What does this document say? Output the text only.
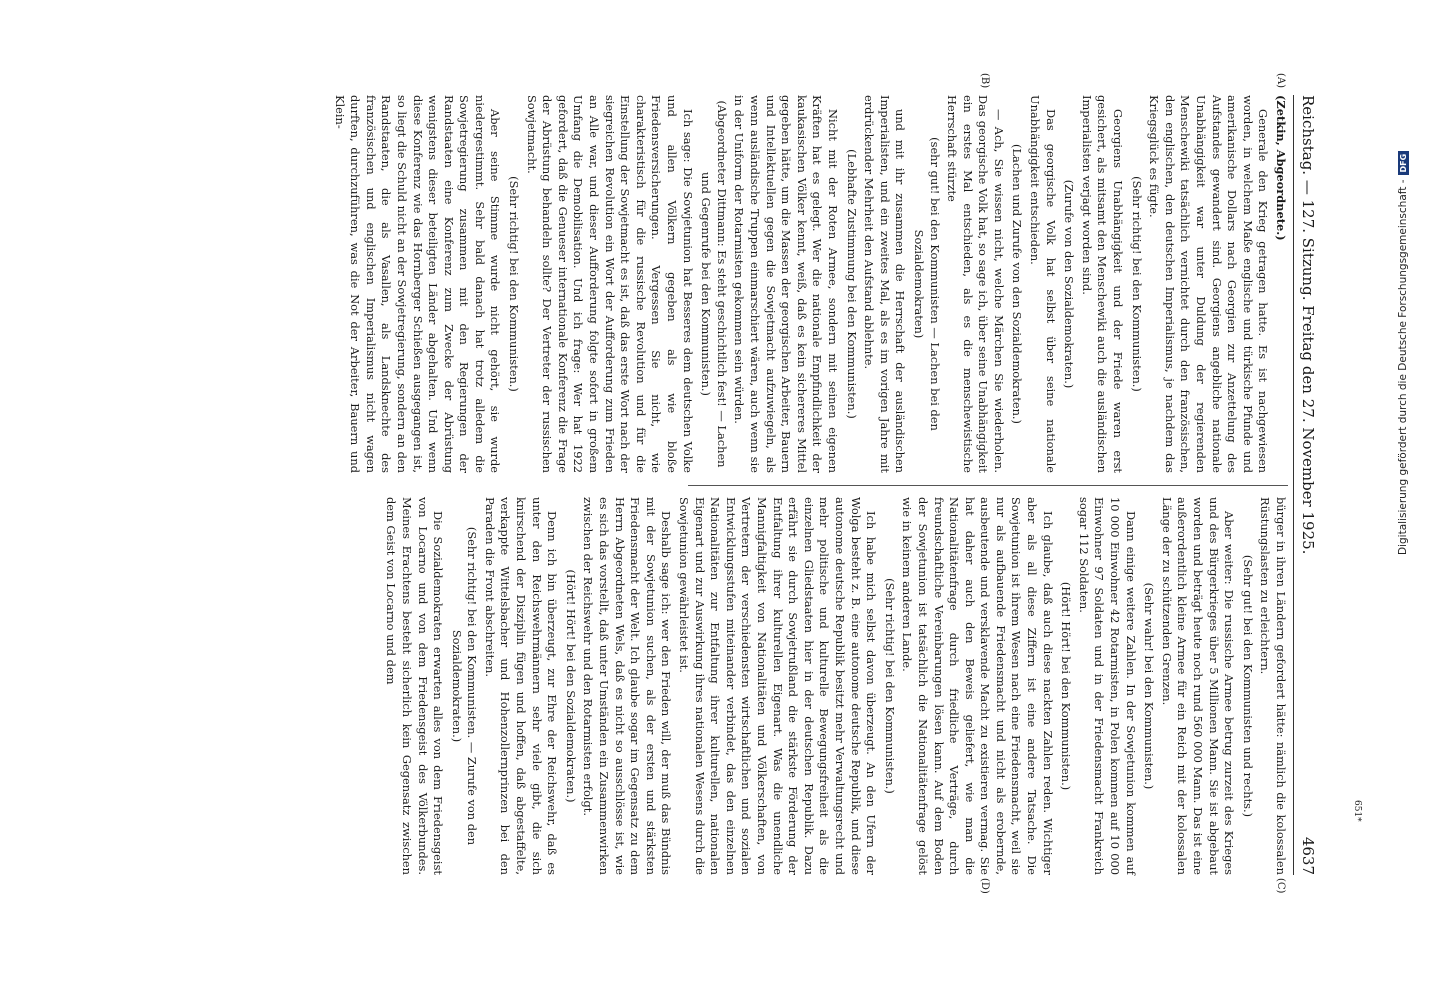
Reichstag. — 127. Sitzung. Freitag den 27. November 1925.
4637

(Zetkin, Abgeordnete.)

Generale den Krieg getragen hatte. Es ist nachgewiesen worden, in welchem Maße englische und türkische Pfunde und amerikanische Dollars nach Georgien zur Anzettelung des Aufstandes gewandert sind. Georgiens angebliche nationale Unabhängigkeit war unter Duldung der regierenden Menschewiki tatsächlich vernichtet durch den französischen, den englischen, den deutschen Imperialismus, je nachdem das Kriegsglück es fügte.

(Sehr richtig! bei den Kommunisten.)

Georgiens Unabhängigkeit und der Friede waren erst gesichert, als mitsamt den Menschewiki auch die ausländischen Imperialisten verjagt worden sind.

(Zurufe von den Sozialdemokraten.)

Das georgische Volk hat selbst über seine nationale Unabhängigkeit entschieden.

(Lachen und Zurufe von den Sozialdemokraten.)

— Ach, Sie wissen nicht, welche Märchen Sie wiederholen. Das georgische Volk hat, so sage ich, über seine Unabhängigkeit ein erstes Mal entschieden, als es die menschewistische Herrschaft stürzte

(sehr gut! bei den Kommunisten — Lachen bei den Sozialdemokraten)

und mit ihr zusammen die Herrschaft der ausländischen Imperialisten, und ein zweites Mal, als es im vorigen Jahre mit erdrückender Mehrheit den Aufstand ablehnte.

(Lebhafte Zustimmung bei den Kommunisten.)

Nicht mit der Roten Armee, sondern mit seinen eigenen Kräften hat es gelegt. Wer die nationale Empfindlichkeit der kaukasischen Völker kennt, weiß, daß es kein sichereres Mittel gegeben hätte, um die Massen der georgischen Arbeiter, Bauern und Intellektuellen gegen die Sowjetmacht aufzuwiegeln, als wenn ausländische Truppen einmarschiert wären, auch wenn sie in der Uniform der Rotarmisten gekommen sein würden.

(Abgeordneter Dittmann: Es steht geschichtlich fest! — Lachen und Gegenrufe bei den Kommunisten.)

Ich sage: Die Sowjetunion hat Besseres dem deutschen Volke und allen Völkern gegeben als wie bloße Friedensversicherungen. Vergessen Sie nicht, wie charakteristisch für die russische Revolution und für die Einstellung der Sowjetmacht es ist, daß das erste Wort nach der siegreichen Revolution ein Wort der Aufforderung zum Frieden an Alle war, und dieser Aufforderung folgte sofort in großem Umfang die Demobilisation. Und ich frage: Wer hat 1922 gefordert, daß die Genueser internationale Konferenz die Frage der Abrüstung behandeln sollte? Der Vertreter der russischen Sowjetmacht.

(Sehr richtig! bei den Kommunisten.)

Aber seine Stimme wurde nicht gehört, sie wurde niedergestimmt. Sehr bald danach hat trotz alledem die Sowjetregierung zusammen mit den Regierungen der Randstaaten eine Konferenz zum Zwecke der Abrüstung wenigstens dieser beteiligten Länder abgehalten. Und wenn diese Konferenz wie das Hornberger Schießen ausgegangen ist, so liegt die Schuld nicht an der Sowjetregierung, sondern an den Randstaaten, die als Vasallen, als Landsknechte des französischen und englischen Imperialismus nicht wagen durften, durchzuführen, was die Not der Arbeiter, Bauern und Klein-

bürger in ihren Ländern gefordert hätte: nämlich die kolossalen Rüstungslasten zu erleichtern.

(Sehr gut! bei den Kommunisten und rechts.)

Aber weiter: Die russische Armee betrug zurzeit des Krieges und des Bürgerkrieges über 5 Millionen Mann. Sie ist abgebaut worden und beträgt heute noch rund 560 000 Mann. Das ist eine außerordentlich kleine Armee für ein Reich mit der kolossalen Länge der zu schützenden Grenzen.

(Sehr wahr! bei den Kommunisten.)

Dann einige weitere Zahlen. In der Sowjetunion kommen auf 10 000 Einwohner 42 Rotarmisten, in Polen kommen auf 10 000 Einwohner 97 Soldaten und in der Friedensmacht Frankreich sogar 112 Soldaten.

(Hört! Hört! bei den Kommunisten.)

Ich glaube, daß auch diese nackten Zahlen reden. Wichtiger aber als all diese Ziffern ist eine andere Tatsache. Die Sowjetunion ist ihrem Wesen nach eine Friedensmacht, weil sie nur als aufbauende Friedensmacht und nicht als erobernde, ausbeutende und versklavende Macht zu existieren vermag. Sie hat daher auch den Beweis geliefert, wie man die Nationalitätenfrage durch friedliche Verträge, durch freundschaftliche Vereinbarungen lösen kann. Auf dem Boden der Sowjetunion ist tatsächlich die Nationalitätenfrage gelöst wie in keinem anderen Lande.

(Sehr richtig! bei den Kommunisten.)

Ich habe mich selbst davon überzeugt. An den Ufern der Wolga besteht z. B. eine autonome deutsche Republik, und diese autonome deutsche Republik besitzt mehr Verwaltungsrecht und mehr politische und kulturelle Bewegungsfreiheit als die einzelnen Gliedstaaten hier in der deutschen Republik. Dazu erfährt sie durch Sowjetrußland die stärkste Förderung der Entfaltung ihrer kulturellen Eigenart. Was die unendliche Mannigfaltigkeit von Nationalitäten und Völkerschaften, von Vertretern der verschiedensten wirtschaftlichen und sozialen Entwicklungsstufen miteinander verbindet, das den einzelnen Nationalitäten zur Entfaltung ihrer kulturellen, nationalen Eigenart und zur Auswirkung ihres nationalen Wesens durch die Sowjetunion gewährleistet ist.

Deshalb sage ich: wer den Frieden will, der muß das Bündnis mit der Sowjetunion suchen, als der ersten und stärksten Friedensmacht der Welt. Ich glaube sogar im Gegensatz zu dem Herrn Abgeordneten Wels, daß es nicht so ausschlösse ist, wie es sich das vorstellt, daß unter Umständen ein Zusammenwirken zwischen der Reichswehr und den Rotarmisten erfolgt.

(Hört! Hört! bei den Sozialdemokraten.)

Denn ich bin überzeugt, zur Ehre der Reichswehr, daß es unter den Reichswehrmännern sehr viele gibt, die sich knirschend der Disziplin fügen und hoffen, daß abgestaffelte, verkappte Wittelsbacher und Hohenzollernprinzen bei den Paraden die Front abschreiten.

(Sehr richtig! bei den Kommunisten. — Zurufe von den Sozialdemokraten.)

Die Sozialdemokraten erwarten alles von dem Friedensgeist von Locarno und von dem Friedensgeist des Völkerbundes. Meines Erachtens besteht sicherlich kein Gegensatz zwischen dem Geist von Locarno und dem

(A)
(B)
(C)
(D)
Digitalisierung gefördert durch die Deutsche Forschungsgemeinschaft -
DFG
651*
